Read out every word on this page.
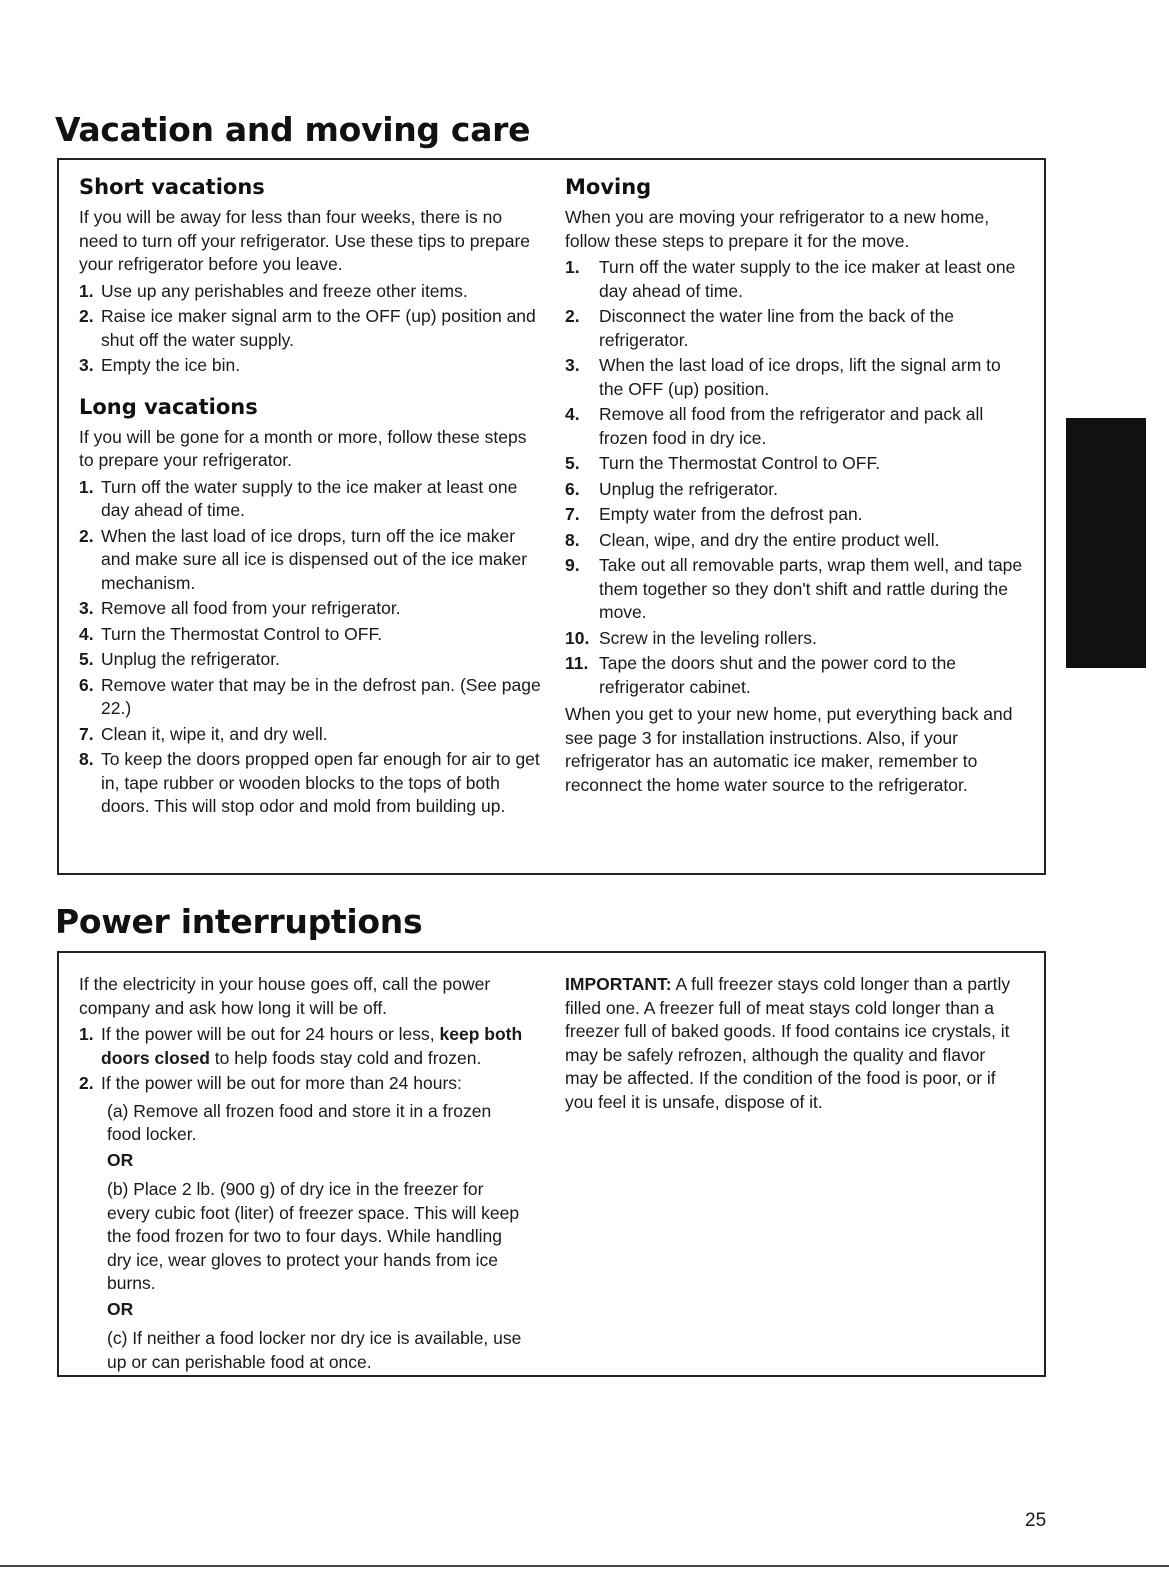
Vacation and moving care
Short vacations

If you will be away for less than four weeks, there is no need to turn off your refrigerator. Use these tips to prepare your refrigerator before you leave.

1. Use up any perishables and freeze other items.
2. Raise ice maker signal arm to the OFF (up) position and shut off the water supply.
3. Empty the ice bin.
Long vacations

If you will be gone for a month or more, follow these steps to prepare your refrigerator.

1. Turn off the water supply to the ice maker at least one day ahead of time.
2. When the last load of ice drops, turn off the ice maker and make sure all ice is dispensed out of the ice maker mechanism.
3. Remove all food from your refrigerator.
4. Turn the Thermostat Control to OFF.
5. Unplug the refrigerator.
6. Remove water that may be in the defrost pan. (See page 22.)
7. Clean it, wipe it, and dry well.
8. To keep the doors propped open far enough for air to get in, tape rubber or wooden blocks to the tops of both doors. This will stop odor and mold from building up.
Moving

When you are moving your refrigerator to a new home, follow these steps to prepare it for the move.

1. Turn off the water supply to the ice maker at least one day ahead of time.
2. Disconnect the water line from the back of the refrigerator.
3. When the last load of ice drops, lift the signal arm to the OFF (up) position.
4. Remove all food from the refrigerator and pack all frozen food in dry ice.
5. Turn the Thermostat Control to OFF.
6. Unplug the refrigerator.
7. Empty water from the defrost pan.
8. Clean, wipe, and dry the entire product well.
9. Take out all removable parts, wrap them well, and tape them together so they don't shift and rattle during the move.
10. Screw in the leveling rollers.
11. Tape the doors shut and the power cord to the refrigerator cabinet.

When you get to your new home, put everything back and see page 3 for installation instructions. Also, if your refrigerator has an automatic ice maker, remember to reconnect the home water source to the refrigerator.

Power interruptions

If the electricity in your house goes off, call the power company and ask how long it will be off.

1. If the power will be out for 24 hours or less, keep both doors closed to help foods stay cold and frozen.
2. If the power will be out for more than 24 hours:

(a) Remove all frozen food and store it in a frozen food locker.

OR

(b) Place 2 lb. (900 g) of dry ice in the freezer for every cubic foot (liter) of freezer space. This will keep the food frozen for two to four days. While handling dry ice, wear gloves to protect your hands from ice burns.

OR

(c) If neither a food locker nor dry ice is available, use up or can perishable food at once.

IMPORTANT: A full freezer stays cold longer than a partly filled one. A freezer full of meat stays cold longer than a freezer full of baked goods. If food contains ice crystals, it may be safely refrozen, although the quality and flavor may be affected. If the condition of the food is poor, or if you feel it is unsafe, dispose of it.

25
